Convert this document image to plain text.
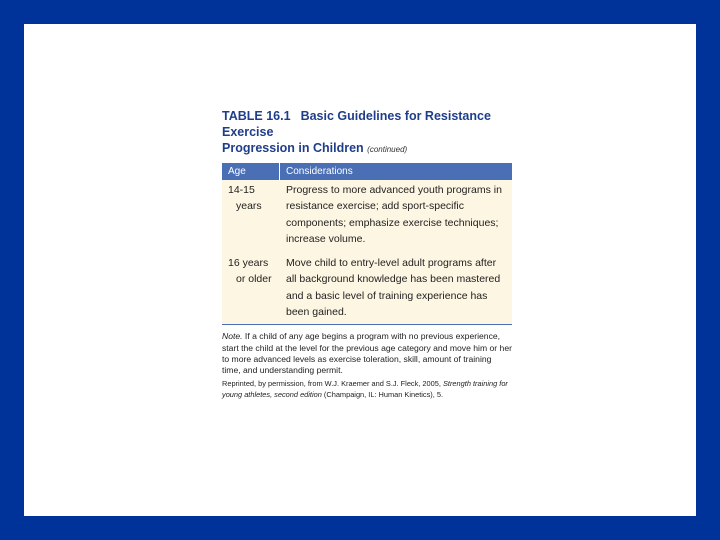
TABLE 16.1 Basic Guidelines for Resistance Exercise
Progression in Children (continued)
Age	Considerations
14-15
years
Progress to more advanced youth programs in resistance exercise; add sport-specific components; emphasize exercise techniques; increase volume.
16 years
or older
Move child to entry-level adult programs after all background knowledge has been mastered and a basic level of training experience has been gained.
Note. If a child of any age begins a program with no previous experience, start the child at the level for the previous age category and move him or her to more advanced levels as exercise toleration, skill, amount of training time, and understanding permit.
Reprinted, by permission, from W.J. Kraemer and S.J. Fleck, 2005, Strength training for young athletes, second edition (Champaign, IL: Human Kinetics), 5.
